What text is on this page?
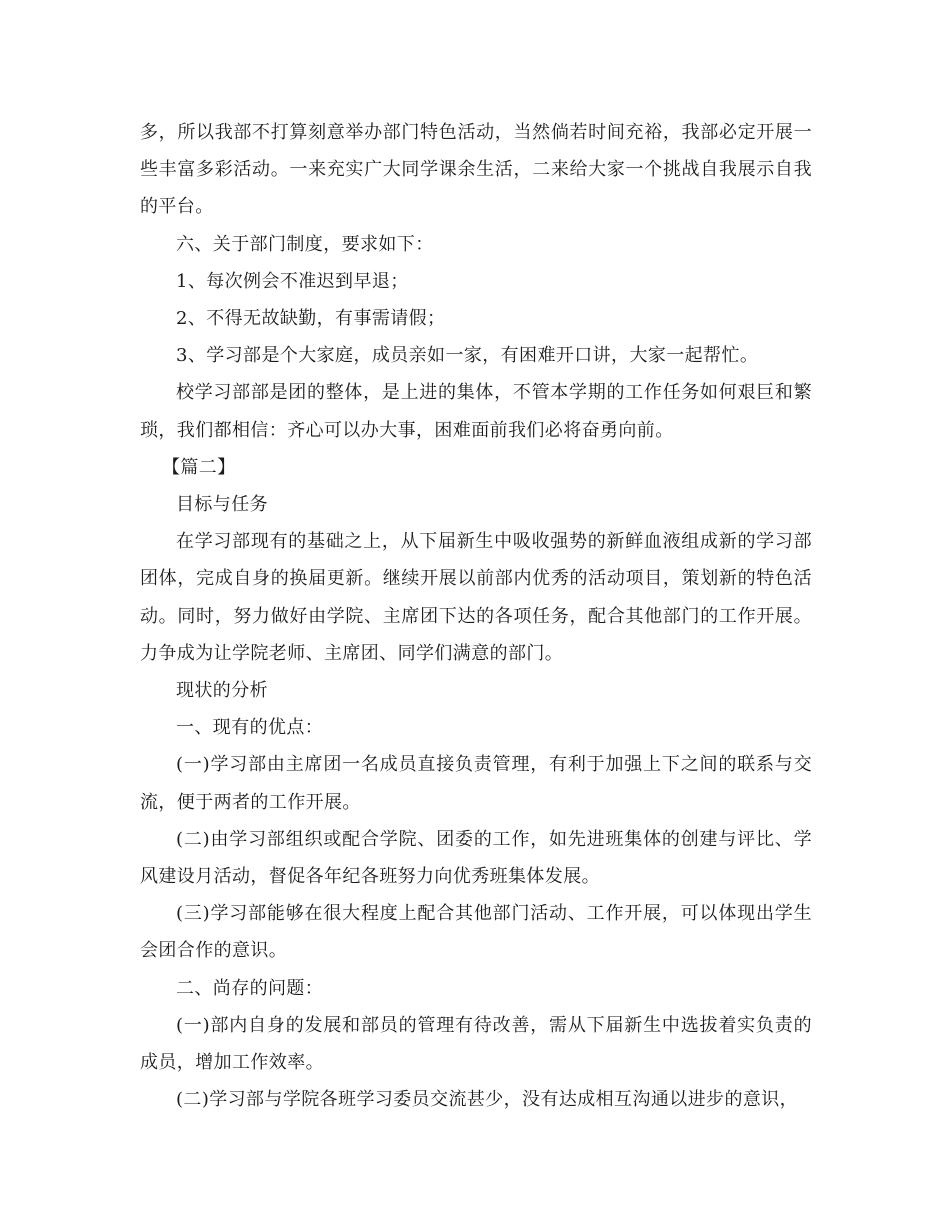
多，所以我部不打算刻意举办部门特色活动，当然倘若时间充裕，我部必定开展一些丰富多彩活动。一来充实广大同学课余生活，二来给大家一个挑战自我展示自我的平台。

六、关于部门制度，要求如下：

1、每次例会不准迟到早退；

2、不得无故缺勤，有事需请假；

3、学习部是个大家庭，成员亲如一家，有困难开口讲，大家一起帮忙。

校学习部部是团的整体，是上进的集体，不管本学期的工作任务如何艰巨和繁琐，我们都相信：齐心可以办大事，困难面前我们必将奋勇向前。

【篇二】

目标与任务

在学习部现有的基础之上，从下届新生中吸收强势的新鲜血液组成新的学习部团体，完成自身的换届更新。继续开展以前部内优秀的活动项目，策划新的特色活动。同时，努力做好由学院、主席团下达的各项任务，配合其他部门的工作开展。力争成为让学院老师、主席团、同学们满意的部门。

现状的分析

一、现有的优点：

(一)学习部由主席团一名成员直接负责管理，有利于加强上下之间的联系与交流，便于两者的工作开展。

(二)由学习部组织或配合学院、团委的工作，如先进班集体的创建与评比、学风建设月活动，督促各年纪各班努力向优秀班集体发展。

(三)学习部能够在很大程度上配合其他部门活动、工作开展，可以体现出学生会团合作的意识。

二、尚存的问题：

(一)部内自身的发展和部员的管理有待改善，需从下届新生中选拔着实负责的成员，增加工作效率。

(二)学习部与学院各班学习委员交流甚少，没有达成相互沟通以进步的意识，
